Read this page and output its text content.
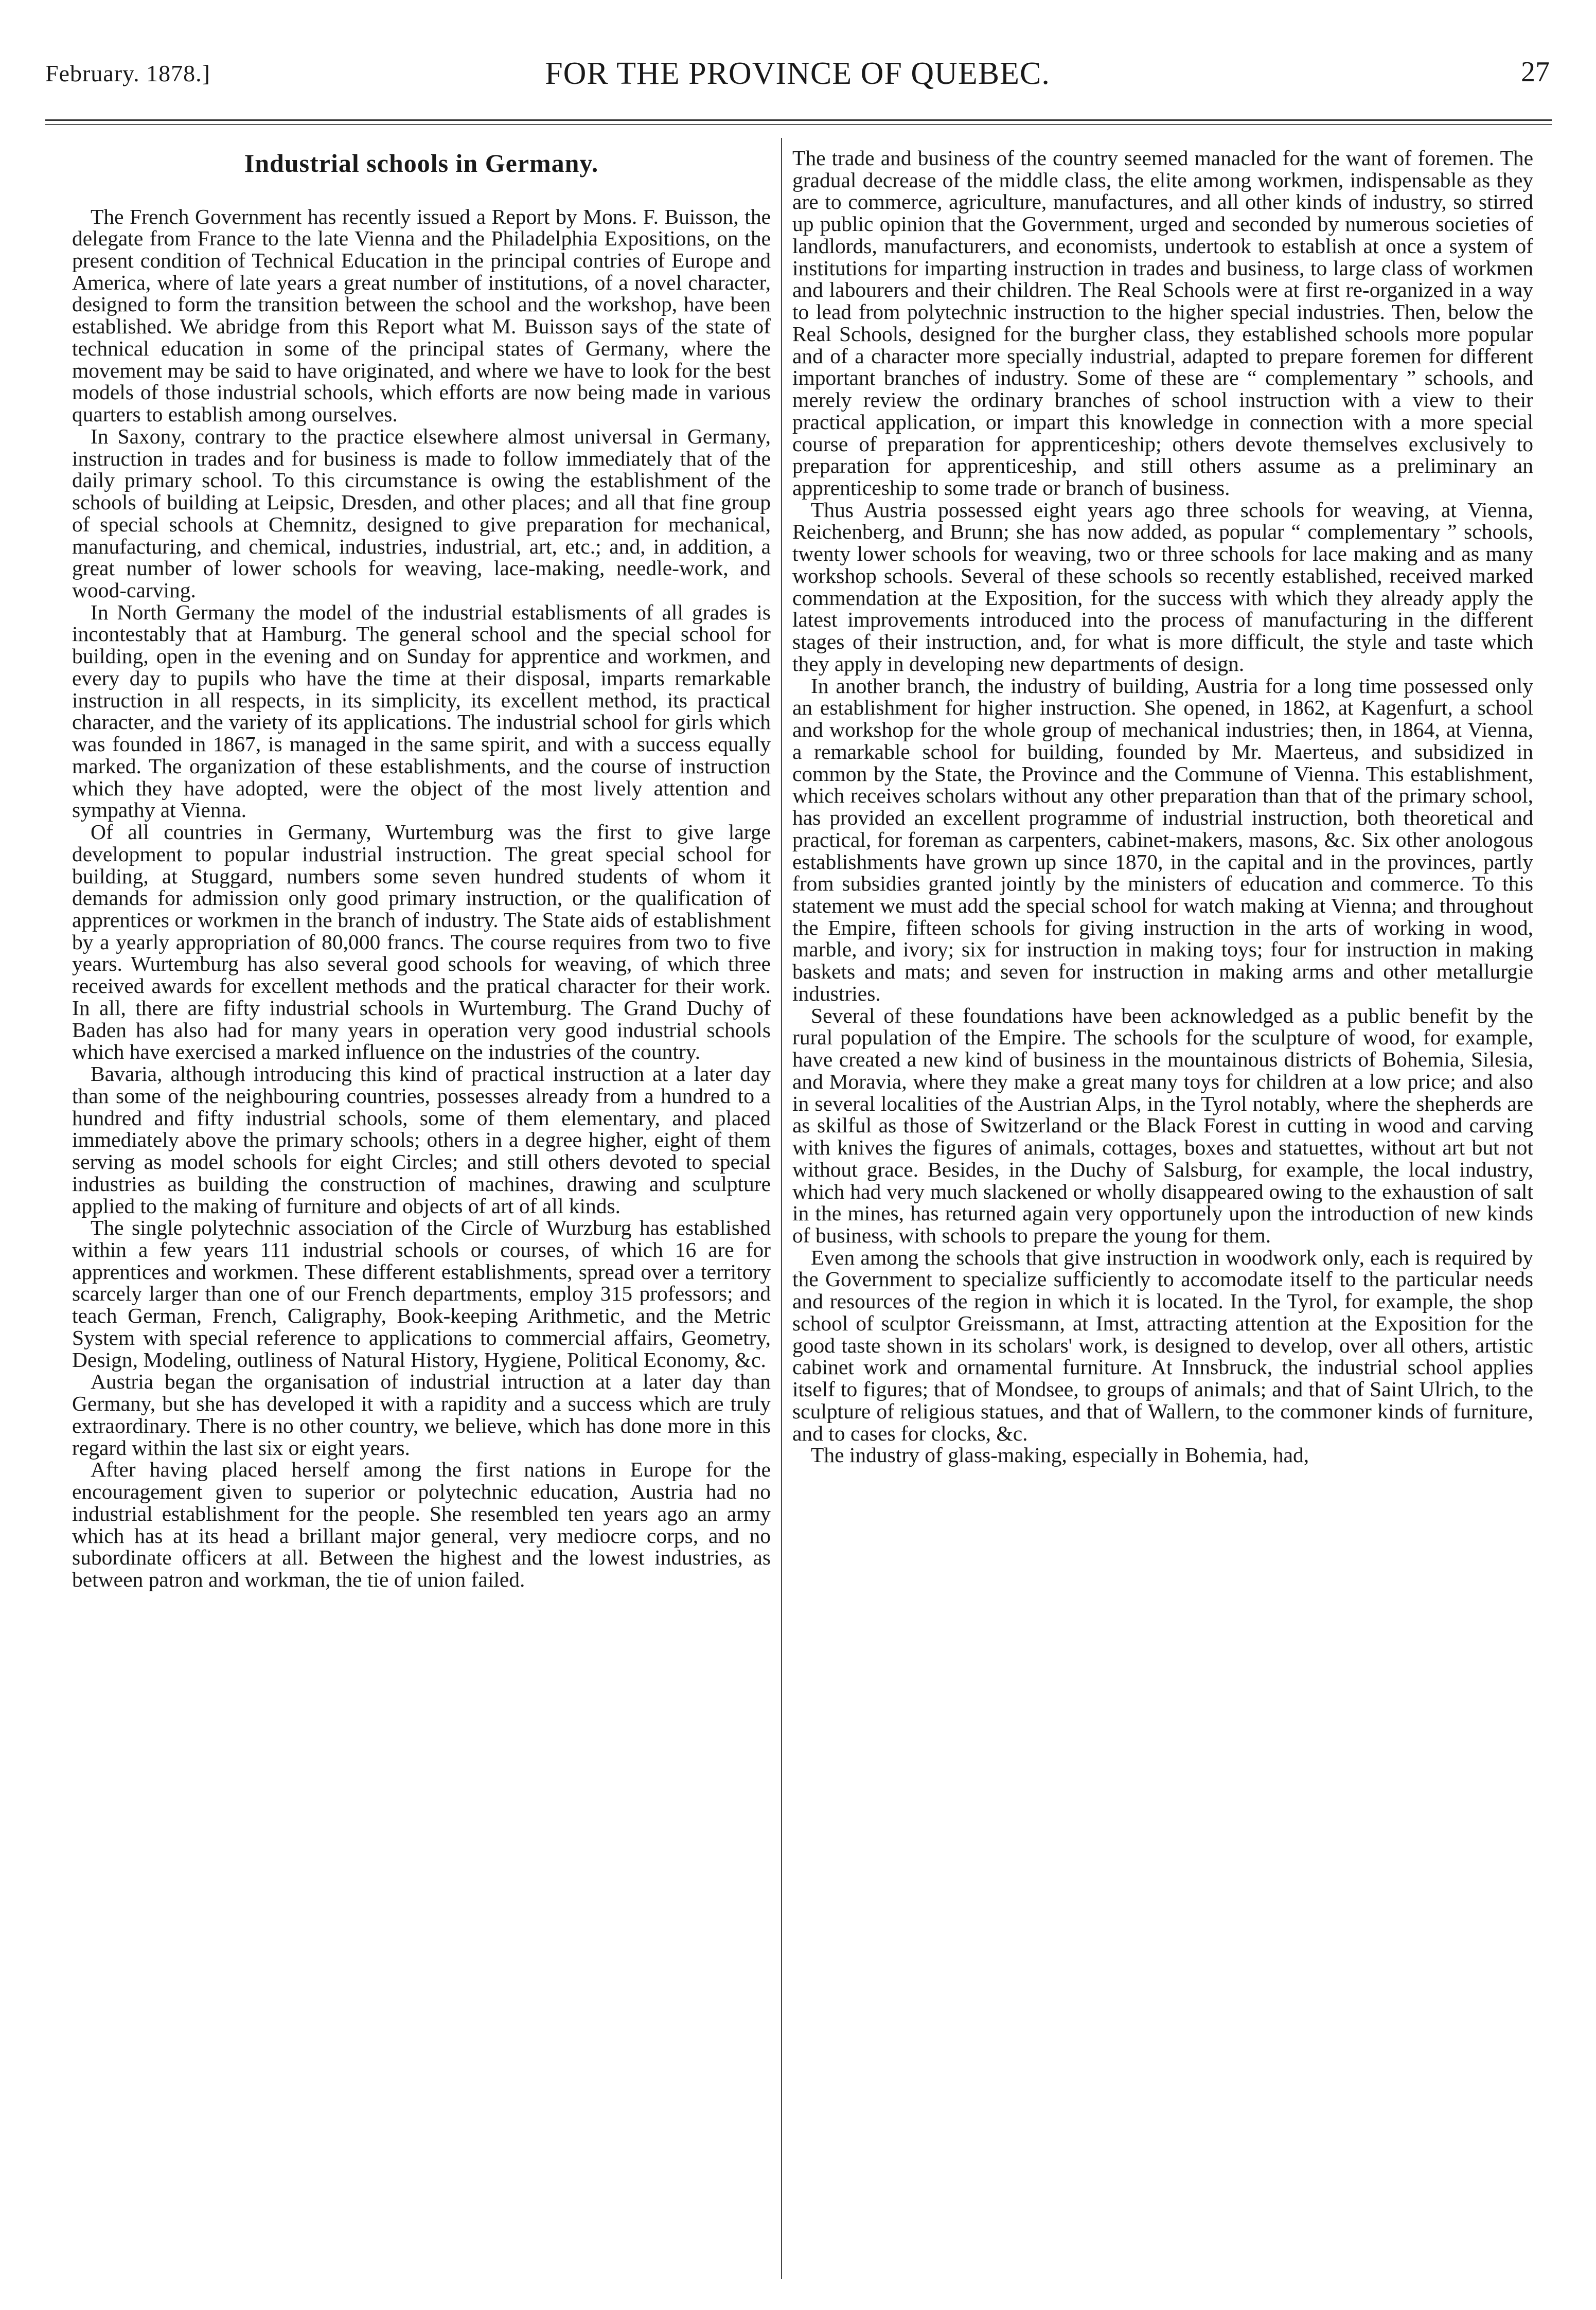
February. 1878.]	FOR THE PROVINCE OF QUEBEC.	27
Industrial schools in Germany.

The French Government has recently issued a Report by Mons. F. Buisson, the delegate from France to the late Vienna and the Philadelphia Expositions, on the present condition of Technical Education in the principal contries of Europe and America, where of late years a great number of institutions, of a novel character, designed to form the transition between the school and the workshop, have been established. We abridge from this Report what M. Buisson says of the state of technical education in some of the principal states of Germany, where the movement may be said to have originated, and where we have to look for the best models of those industrial schools, which efforts are now being made in various quarters to establish among ourselves.

In Saxony, contrary to the practice elsewhere almost universal in Germany, instruction in trades and for business is made to follow immediately that of the daily primary school. To this circumstance is owing the establishment of the schools of building at Leipsic, Dresden, and other places; and all that fine group of special schools at Chemnitz, designed to give preparation for mechanical, manufacturing, and chemical, industries, industrial, art, etc.; and, in addition, a great number of lower schools for weaving, lace-making, needle-work, and wood-carving.

In North Germany the model of the industrial establisments of all grades is incontestably that at Hamburg. The general school and the special school for building, open in the evening and on Sunday for apprentice and workmen, and every day to pupils who have the time at their disposal, imparts remarkable instruction in all respects, in its simplicity, its excellent method, its practical character, and the variety of its applications. The industrial school for girls which was founded in 1867, is managed in the same spirit, and with a success equally marked. The organization of these establishments, and the course of instruction which they have adopted, were the object of the most lively attention and sympathy at Vienna.

Of all countries in Germany, Wurtemburg was the first to give large development to popular industrial instruction. The great special school for building, at Stuggard, numbers some seven hundred students of whom it demands for admission only good primary instruction, or the qualification of apprentices or workmen in the branch of industry. The State aids of establishment by a yearly appropriation of 80,000 francs. The course requires from two to five years. Wurtemburg has also several good schools for weaving, of which three received awards for excellent methods and the pratical character for their work. In all, there are fifty industrial schools in Wurtemburg. The Grand Duchy of Baden has also had for many years in operation very good industrial schools which have exercised a marked influence on the industries of the country.

Bavaria, although introducing this kind of practical instruction at a later day than some of the neighbouring countries, possesses already from a hundred to a hundred and fifty industrial schools, some of them elementary, and placed immediately above the primary schools; others in a degree higher, eight of them serving as model schools for eight Circles; and still others devoted to special industries as building the construction of machines, drawing and sculpture applied to the making of furniture and objects of art of all kinds.

The single polytechnic association of the Circle of Wurzburg has established within a few years 111 industrial schools or courses, of which 16 are for apprentices and workmen. These different establishments, spread over a territory scarcely larger than one of our French departments, employ 315 professors; and teach German, French, Caligraphy, Book-keeping Arithmetic, and the Metric System with special reference to applications to commercial affairs, Geometry, Design, Modeling, outliness of Natural History, Hygiene, Political Economy, &c.

Austria began the organisation of industrial intruction at a later day than Germany, but she has developed it with a rapidity and a success which are truly extraordinary. There is no other country, we believe, which has done more in this regard within the last six or eight years.

After having placed herself among the first nations in Europe for the encouragement given to superior or polytechnic education, Austria had no industrial establishment for the people. She resembled ten years ago an army which has at its head a brillant major general, very mediocre corps, and no subordinate officers at all. Between the highest and the lowest industries, as between patron and workman, the tie of union failed.

The trade and business of the country seemed manacled for the want of foremen. The gradual decrease of the middle class, the elite among workmen, indispensable as they are to commerce, agriculture, manufactures, and all other kinds of industry, so stirred up public opinion that the Government, urged and seconded by numerous societies of landlords, manufacturers, and economists, undertook to establish at once a system of institutions for imparting instruction in trades and business, to large class of workmen and labourers and their children. The Real Schools were at first re-organized in a way to lead from polytechnic instruction to the higher special industries. Then, below the Real Schools, designed for the burgher class, they established schools more popular and of a character more specially industrial, adapted to prepare foremen for different important branches of industry. Some of these are “ complementary ” schools, and merely review the ordinary branches of school instruction with a view to their practical application, or impart this knowledge in connection with a more special course of preparation for apprenticeship; others devote themselves exclusively to preparation for apprenticeship, and still others assume as a preliminary an apprenticeship to some trade or branch of business.

Thus Austria possessed eight years ago three schools for weaving, at Vienna, Reichenberg, and Brunn; she has now added, as popular “ complementary ” schools, twenty lower schools for weaving, two or three schools for lace making and as many workshop schools. Several of these schools so recently established, received marked commendation at the Exposition, for the success with which they already apply the latest improvements introduced into the process of manufacturing in the different stages of their instruction, and, for what is more difficult, the style and taste which they apply in developing new departments of design.

In another branch, the industry of building, Austria for a long time possessed only an establishment for higher instruction. She opened, in 1862, at Kagenfurt, a school and workshop for the whole group of mechanical industries; then, in 1864, at Vienna, a remarkable school for building, founded by Mr. Maerteus, and subsidized in common by the State, the Province and the Commune of Vienna. This establishment, which receives scholars without any other preparation than that of the primary school, has provided an excellent programme of industrial instruction, both theoretical and practical, for foreman as carpenters, cabinet-makers, masons, &c. Six other anologous establishments have grown up since 1870, in the capital and in the provinces, partly from subsidies granted jointly by the ministers of education and commerce. To this statement we must add the special school for watch making at Vienna; and throughout the Empire, fifteen schools for giving instruction in the arts of working in wood, marble, and ivory; six for instruction in making toys; four for instruction in making baskets and mats; and seven for instruction in making arms and other metallurgie industries.

Several of these foundations have been acknowledged as a public benefit by the rural population of the Empire. The schools for the sculpture of wood, for example, have created a new kind of business in the mountainous districts of Bohemia, Silesia, and Moravia, where they make a great many toys for children at a low price; and also in several localities of the Austrian Alps, in the Tyrol notably, where the shepherds are as skilful as those of Switzerland or the Black Forest in cutting in wood and carving with knives the figures of animals, cottages, boxes and statuettes, without art but not without grace. Besides, in the Duchy of Salsburg, for example, the local industry, which had very much slackened or wholly disappeared owing to the exhaustion of salt in the mines, has returned again very opportunely upon the introduction of new kinds of business, with schools to prepare the young for them.

Even among the schools that give instruction in woodwork only, each is required by the Government to specialize sufficiently to accomodate itself to the particular needs and resources of the region in which it is located. In the Tyrol, for example, the shop school of sculptor Greissmann, at Imst, attracting attention at the Exposition for the good taste shown in its scholars' work, is designed to develop, over all others, artistic cabinet work and ornamental furniture. At Innsbruck, the industrial school applies itself to figures; that of Mondsee, to groups of animals; and that of Saint Ulrich, to the sculpture of religious statues, and that of Wallern, to the commoner kinds of furniture, and to cases for clocks, &c.

The industry of glass-making, especially in Bohemia, had,
